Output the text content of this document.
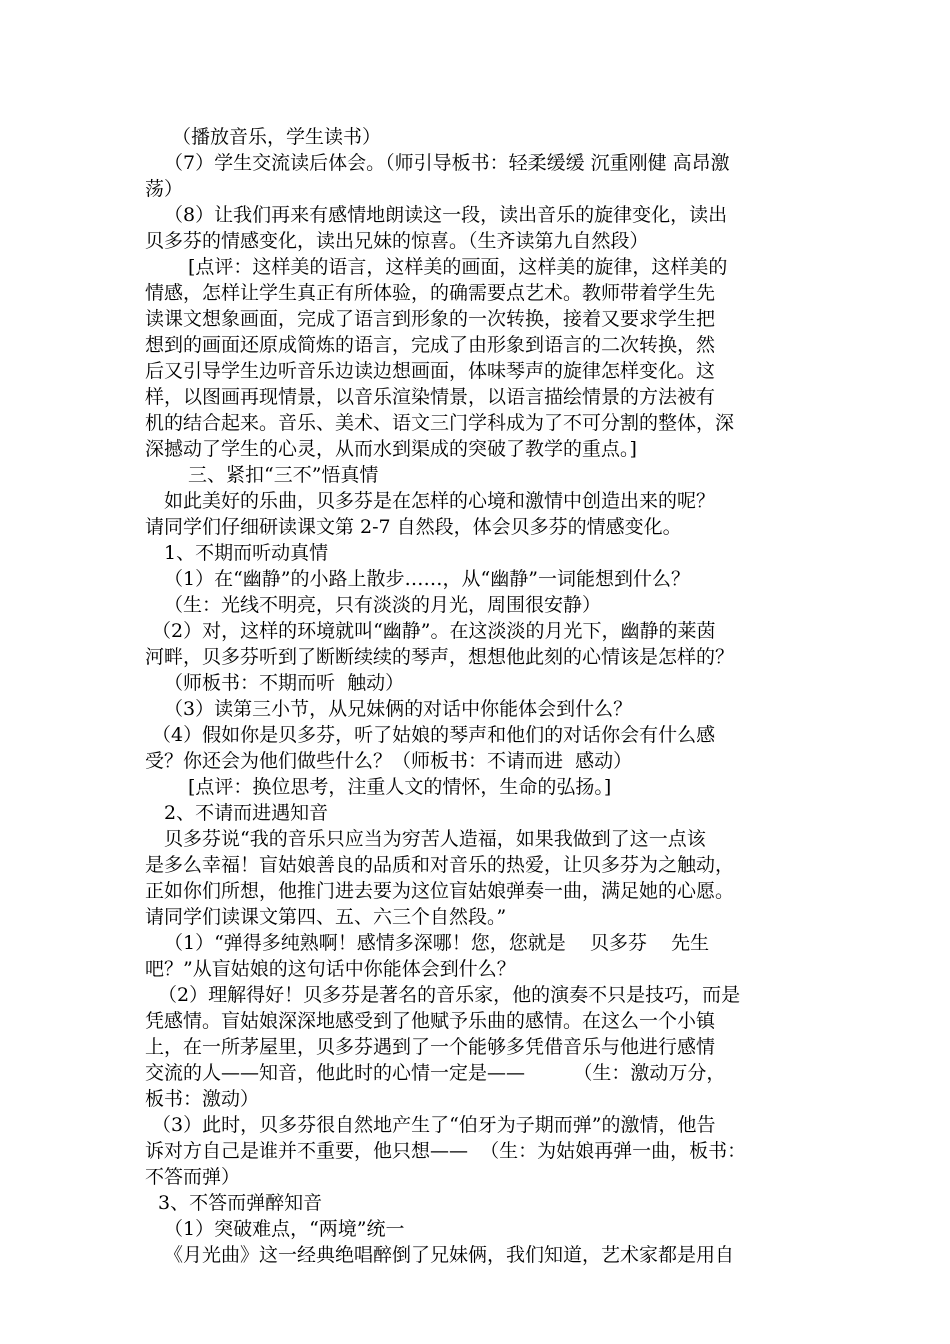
（播放音乐，学生读书）
（7）学生交流读后体会。（师引导板书：轻柔缓缓 沉重刚健 高昂激
荡）
（8）让我们再来有感情地朗读这一段，读出音乐的旋律变化，读出
贝多芬的情感变化，读出兄妹的惊喜。（生齐读第九自然段）
[点评：这样美的语言，这样美的画面，这样美的旋律，这样美的
情感，怎样让学生真正有所体验，的确需要点艺术。教师带着学生先
读课文想象画面，完成了语言到形象的一次转换，接着又要求学生把
想到的画面还原成简炼的语言，完成了由形象到语言的二次转换，然
后又引导学生边听音乐边读边想画面，体味琴声的旋律怎样变化。这
样，以图画再现情景，以音乐渲染情景，以语言描绘情景的方法被有
机的结合起来。音乐、美术、语文三门学科成为了不可分割的整体，深
深撼动了学生的心灵，从而水到渠成的突破了教学的重点。]
三、紧扣“三不”悟真情
如此美好的乐曲，贝多芬是在怎样的心境和激情中创造出来的呢？
请同学们仔细研读课文第 2-7 自然段，体会贝多芬的情感变化。
1、不期而听动真情
（1）在“幽静”的小路上散步……，从“幽静”一词能想到什么？
（生：光线不明亮，只有淡淡的月光，周围很安静）
（2）对，这样的环境就叫“幽静”。在这淡淡的月光下，幽静的莱茵
河畔，贝多芬听到了断断续续的琴声，想想他此刻的心情该是怎样的？
（师板书：不期而听  触动）
（3）读第三小节，从兄妹俩的对话中你能体会到什么？
（4）假如你是贝多芬，听了姑娘的琴声和他们的对话你会有什么感
受？你还会为他们做些什么？（师板书：不请而进  感动）
[点评：换位思考，注重人文的情怀，生命的弘扬。]
2、不请而进遇知音
贝多芬说“我的音乐只应当为穷苦人造福，如果我做到了这一点该
是多么幸福！盲姑娘善良的品质和对音乐的热爱，让贝多芬为之触动，
正如你们所想，他推门进去要为这位盲姑娘弹奏一曲，满足她的心愿。
请同学们读课文第四、五、六三个自然段。”
（1）“弹得多纯熟啊！感情多深哪！您，您就是    贝多芬    先生
吧？”从盲姑娘的这句话中你能体会到什么？
（2）理解得好！贝多芬是著名的音乐家，他的演奏不只是技巧，而是
凭感情。盲姑娘深深地感受到了他赋予乐曲的感情。在这么一个小镇
上，在一所茅屋里，贝多芬遇到了一个能够多凭借音乐与他进行感情
交流的人——知音，他此时的心情一定是——        （生：激动万分，
板书：激动）
（3）此时，贝多芬很自然地产生了“伯牙为子期而弹”的激情，他告
诉对方自己是谁并不重要，他只想——  （生：为姑娘再弹一曲，板书：
不答而弹）
3、不答而弹醉知音
（1）突破难点，“两境”统一
《月光曲》这一经典绝唱醉倒了兄妹俩，我们知道，艺术家都是用自
